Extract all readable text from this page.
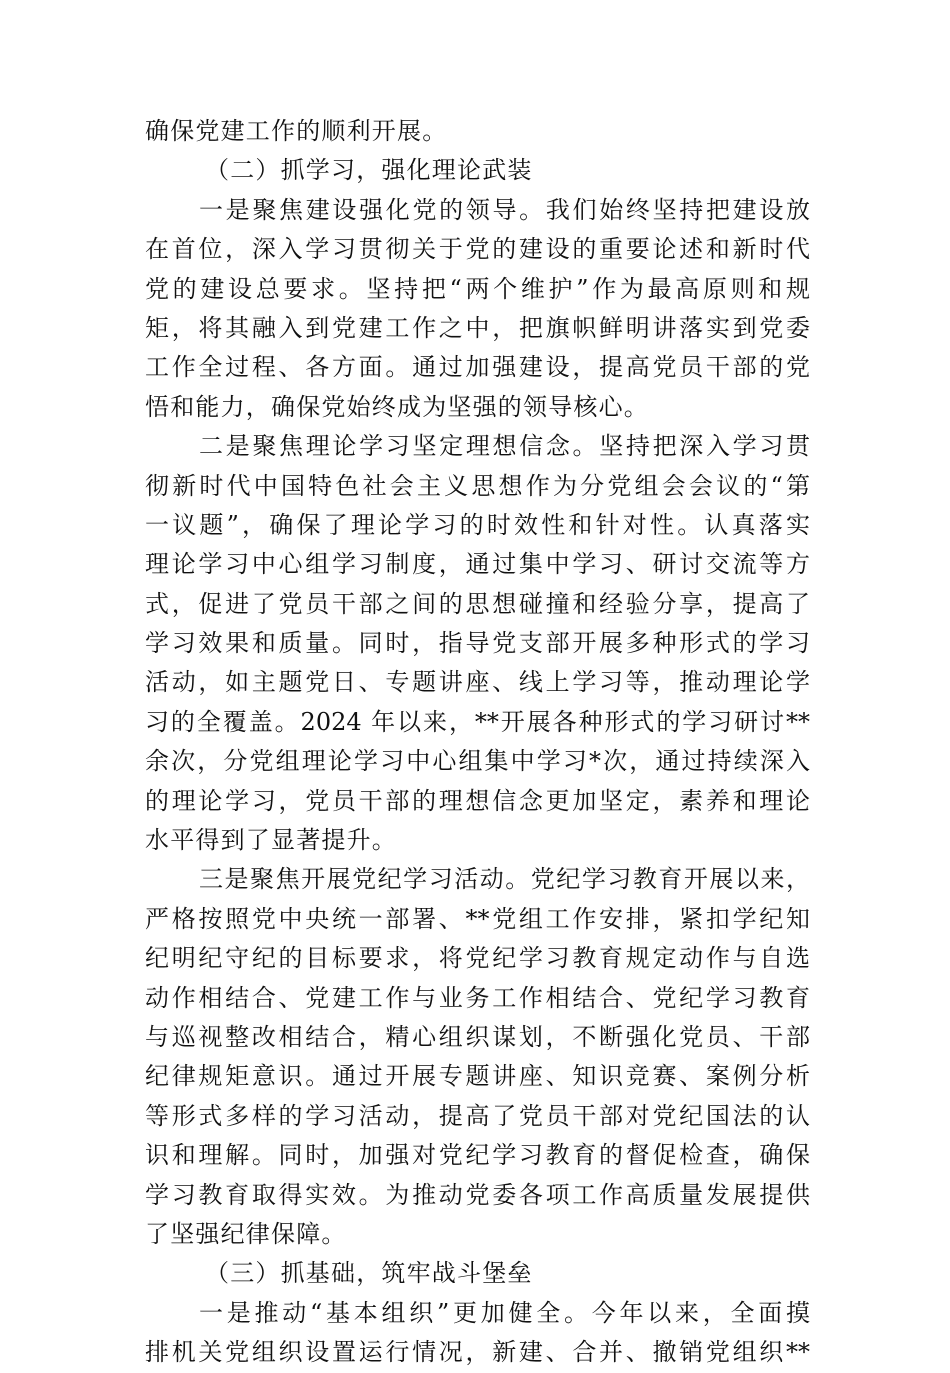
确保党建工作的顺利开展。
（二）抓学习，强化理论武装
一是聚焦建设强化党的领导。我们始终坚持把建设放
在首位，深入学习贯彻关于党的建设的重要论述和新时代
党的建设总要求。坚持把“两个维护”作为最高原则和规
矩，将其融入到党建工作之中，把旗帜鲜明讲落实到党委
工作全过程、各方面。通过加强建设，提高党员干部的党
悟和能力，确保党始终成为坚强的领导核心。
二是聚焦理论学习坚定理想信念。坚持把深入学习贯
彻新时代中国特色社会主义思想作为分党组会会议的“第
一议题”，确保了理论学习的时效性和针对性。认真落实
理论学习中心组学习制度，通过集中学习、研讨交流等方
式，促进了党员干部之间的思想碰撞和经验分享，提高了
学习效果和质量。同时，指导党支部开展多种形式的学习
活动，如主题党日、专题讲座、线上学习等，推动理论学
习的全覆盖。2024 年以来，**开展各种形式的学习研讨**
余次，分党组理论学习中心组集中学习*次，通过持续深入
的理论学习，党员干部的理想信念更加坚定，素养和理论
水平得到了显著提升。
三是聚焦开展党纪学习活动。党纪学习教育开展以来，
严格按照党中央统一部署、**党组工作安排，紧扣学纪知
纪明纪守纪的目标要求，将党纪学习教育规定动作与自选
动作相结合、党建工作与业务工作相结合、党纪学习教育
与巡视整改相结合，精心组织谋划，不断强化党员、干部
纪律规矩意识。通过开展专题讲座、知识竞赛、案例分析
等形式多样的学习活动，提高了党员干部对党纪国法的认
识和理解。同时，加强对党纪学习教育的督促检查，确保
学习教育取得实效。为推动党委各项工作高质量发展提供
了坚强纪律保障。
（三）抓基础，筑牢战斗堡垒
一是推动“基本组织”更加健全。今年以来，全面摸
排机关党组织设置运行情况，新建、合并、撤销党组织**
